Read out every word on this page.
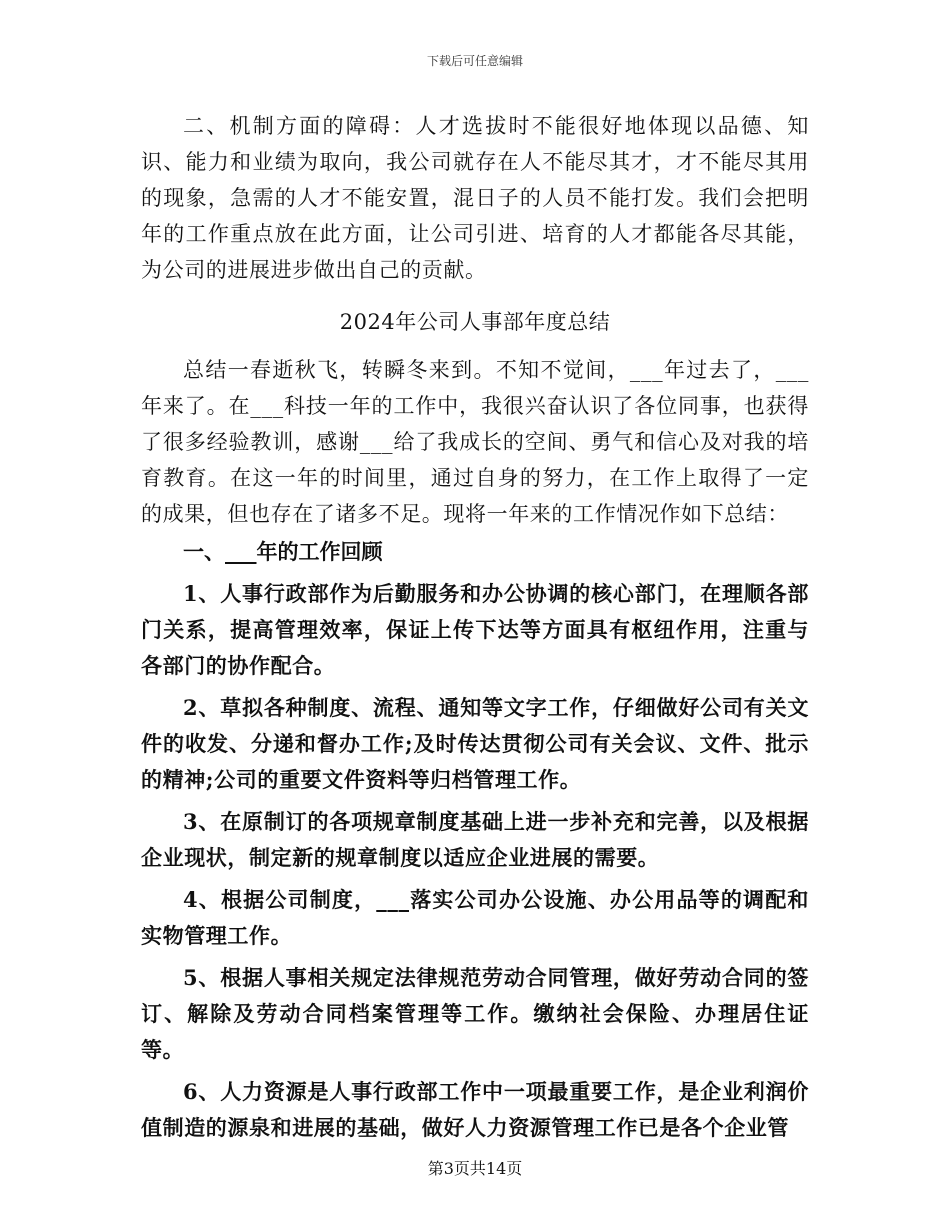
下载后可任意编辑

二、机制方面的障碍：人才选拔时不能很好地体现以品德、知识、能力和业绩为取向，我公司就存在人不能尽其才，才不能尽其用的现象，急需的人才不能安置，混日子的人员不能打发。我们会把明年的工作重点放在此方面，让公司引进、培育的人才都能各尽其能，为公司的进展进步做出自己的贡献。

2024年公司人事部年度总结

总结一春逝秋飞，转瞬冬来到。不知不觉间，___年过去了，___年来了。在___科技一年的工作中，我很兴奋认识了各位同事，也获得了很多经验教训，感谢___给了我成长的空间、勇气和信心及对我的培育教育。在这一年的时间里，通过自身的努力，在工作上取得了一定的成果，但也存在了诸多不足。现将一年来的工作情况作如下总结：

一、___年的工作回顾

1、人事行政部作为后勤服务和办公协调的核心部门，在理顺各部门关系，提高管理效率，保证上传下达等方面具有枢纽作用，注重与各部门的协作配合。

2、草拟各种制度、流程、通知等文字工作，仔细做好公司有关文件的收发、分递和督办工作;及时传达贯彻公司有关会议、文件、批示的精神;公司的重要文件资料等归档管理工作。

3、在原制订的各项规章制度基础上进一步补充和完善，以及根据企业现状，制定新的规章制度以适应企业进展的需要。

4、根据公司制度，___落实公司办公设施、办公用品等的调配和实物管理工作。

5、根据人事相关规定法律规范劳动合同管理，做好劳动合同的签订、解除及劳动合同档案管理等工作。缴纳社会保险、办理居住证等。

6、人力资源是人事行政部工作中一项最重要工作，是企业利润价值制造的源泉和进展的基础，做好人力资源管理工作已是各个企业管

第3页共14页
